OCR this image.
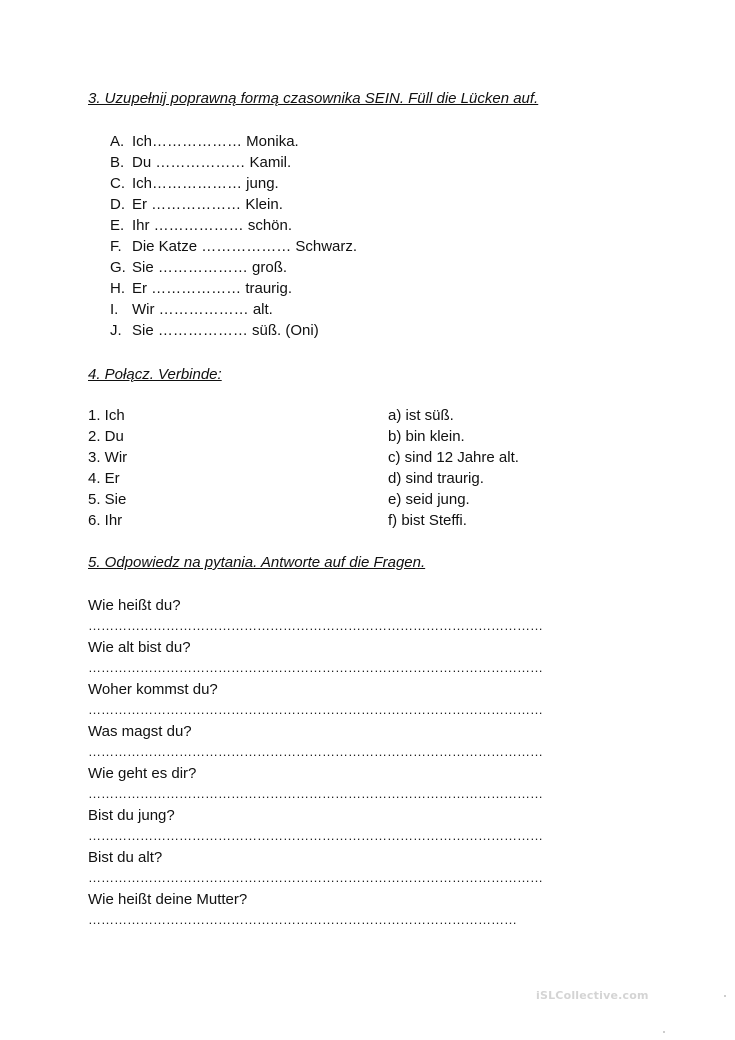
3. Uzupełnij poprawną formą czasownika SEIN. Füll die Lücken auf.
A. Ich……………… Monika.
B. Du ……………… Kamil.
C. Ich……………… jung.
D. Er ……………… Klein.
E. Ihr ……………… schön.
F. Die Katze ……………… Schwarz.
G. Sie ……………… groß.
H. Er ……………… traurig.
I. Wir ……………… alt.
J. Sie ……………… süß. (Oni)
4. Połącz. Verbinde:
1. Ich
2. Du
3. Wir
4. Er
5. Sie
6. Ihr
a) ist süß.
b) bin klein.
c) sind 12 Jahre alt.
d) sind traurig.
e) seid jung.
f) bist Steffi.
5. Odpowiedz na pytania. Antworte auf die Fragen.
Wie heißt du?
……………………………………………………………………………………………
Wie alt bist du?
……………………………………………………………………………………………
Woher kommst du?
……………………………………………………………………………………………
Was magst du?
……………………………………………………………………………………………
Wie geht es dir?
……………………………………………………………………………………………
Bist du jung?
……………………………………………………………………………………………
Bist du alt?
……………………………………………………………………………………………
Wie heißt deine Mutter?
………………………………………………………………………………………
iSLCollective.com
